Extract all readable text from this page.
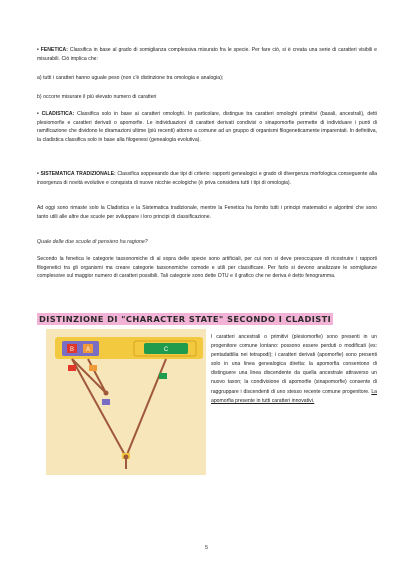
• FENETICA: Classifica in base al grado di somiglianza complessiva misurato fra le specie. Per fare ciò, si è creata una serie di caratteri visibili e misurabili. Ciò implica che:

a) tutti i caratteri hanno uguale peso (non c'è distinzione tra omologia e analogia);

b) occorre misurare il più elevato numero di caratteri

• CLADISTICA: Classifica solo in base ai caratteri omologhi. In particolare, distingue tra caratteri omologhi primitivi (basali, ancestrali), detti plesiomorfie e caratteri derivati o apomorfie. Le individuazioni di caratteri derivati condivisi o sinapomorfie permette di individuare i punti di ramificazione che dividono le diramazioni ultime (più recenti) attorno a comune ad un gruppo di organismi filogeneticamente imparentati. In definitiva, la cladistica classifica solo in base alla filogenesi (genealogia evolutiva).

• SISTEMATICA TRADIZIONALE: Classifica soppesando due tipi di criterio: rapporti genealogici e grado di divergenza morfologica conseguente alla insorgenza di novità evolutive e conquista di nuove nicchie ecologiche (è priva considera tutti i tipi di omologia).

Ad oggi sono rimaste solo la Cladistica e la Sistematica tradizionale, mentre la Fenetica ha fornito tutti i principi matematici e algoritmi che sono tanto utili alle altre due scuole per sviluppare i loro principi di classificazione.

Quale delle due scuole di pensiero ha ragione?

Secondo la fenetica le categorie tassonomiche di al sopra delle specie sono artificiali, per cui non si deve preoccupare di ricostruire i rapporti filogenetici tra gli organismi ma creare categorie tassonomiche comode e utili per classificare. Per farlo si devono analizzare le somiglianze complessive sul maggior numero di caratteri possibili. Tali categorie sono dette OTU e il grafico che ne deriva è detto fenogramma.

DISTINZIONE DI "CHARACTER STATE" SECONDO I CLADISTI
B A	C
I caratteri ancestrali o primitivi (plesiomorfie) sono presenti in un progenitore comune lontano: possono essere perduti o modificati (es: pentadattilia nei tetrapodi); i caratteri derivati (apomorfie) sono presenti solo in una linea genealogica diretta: la apomorfia consentono di distinguere una linea discendente da quella ancestrale attraverso un nuovo taxon; la condivisione di apomorfie (sinapomorfie) consente di raggruppare i discendenti di uno stesso recente comune progenitore. La apomorfia presente in tutti caratteri innovativi.
5
